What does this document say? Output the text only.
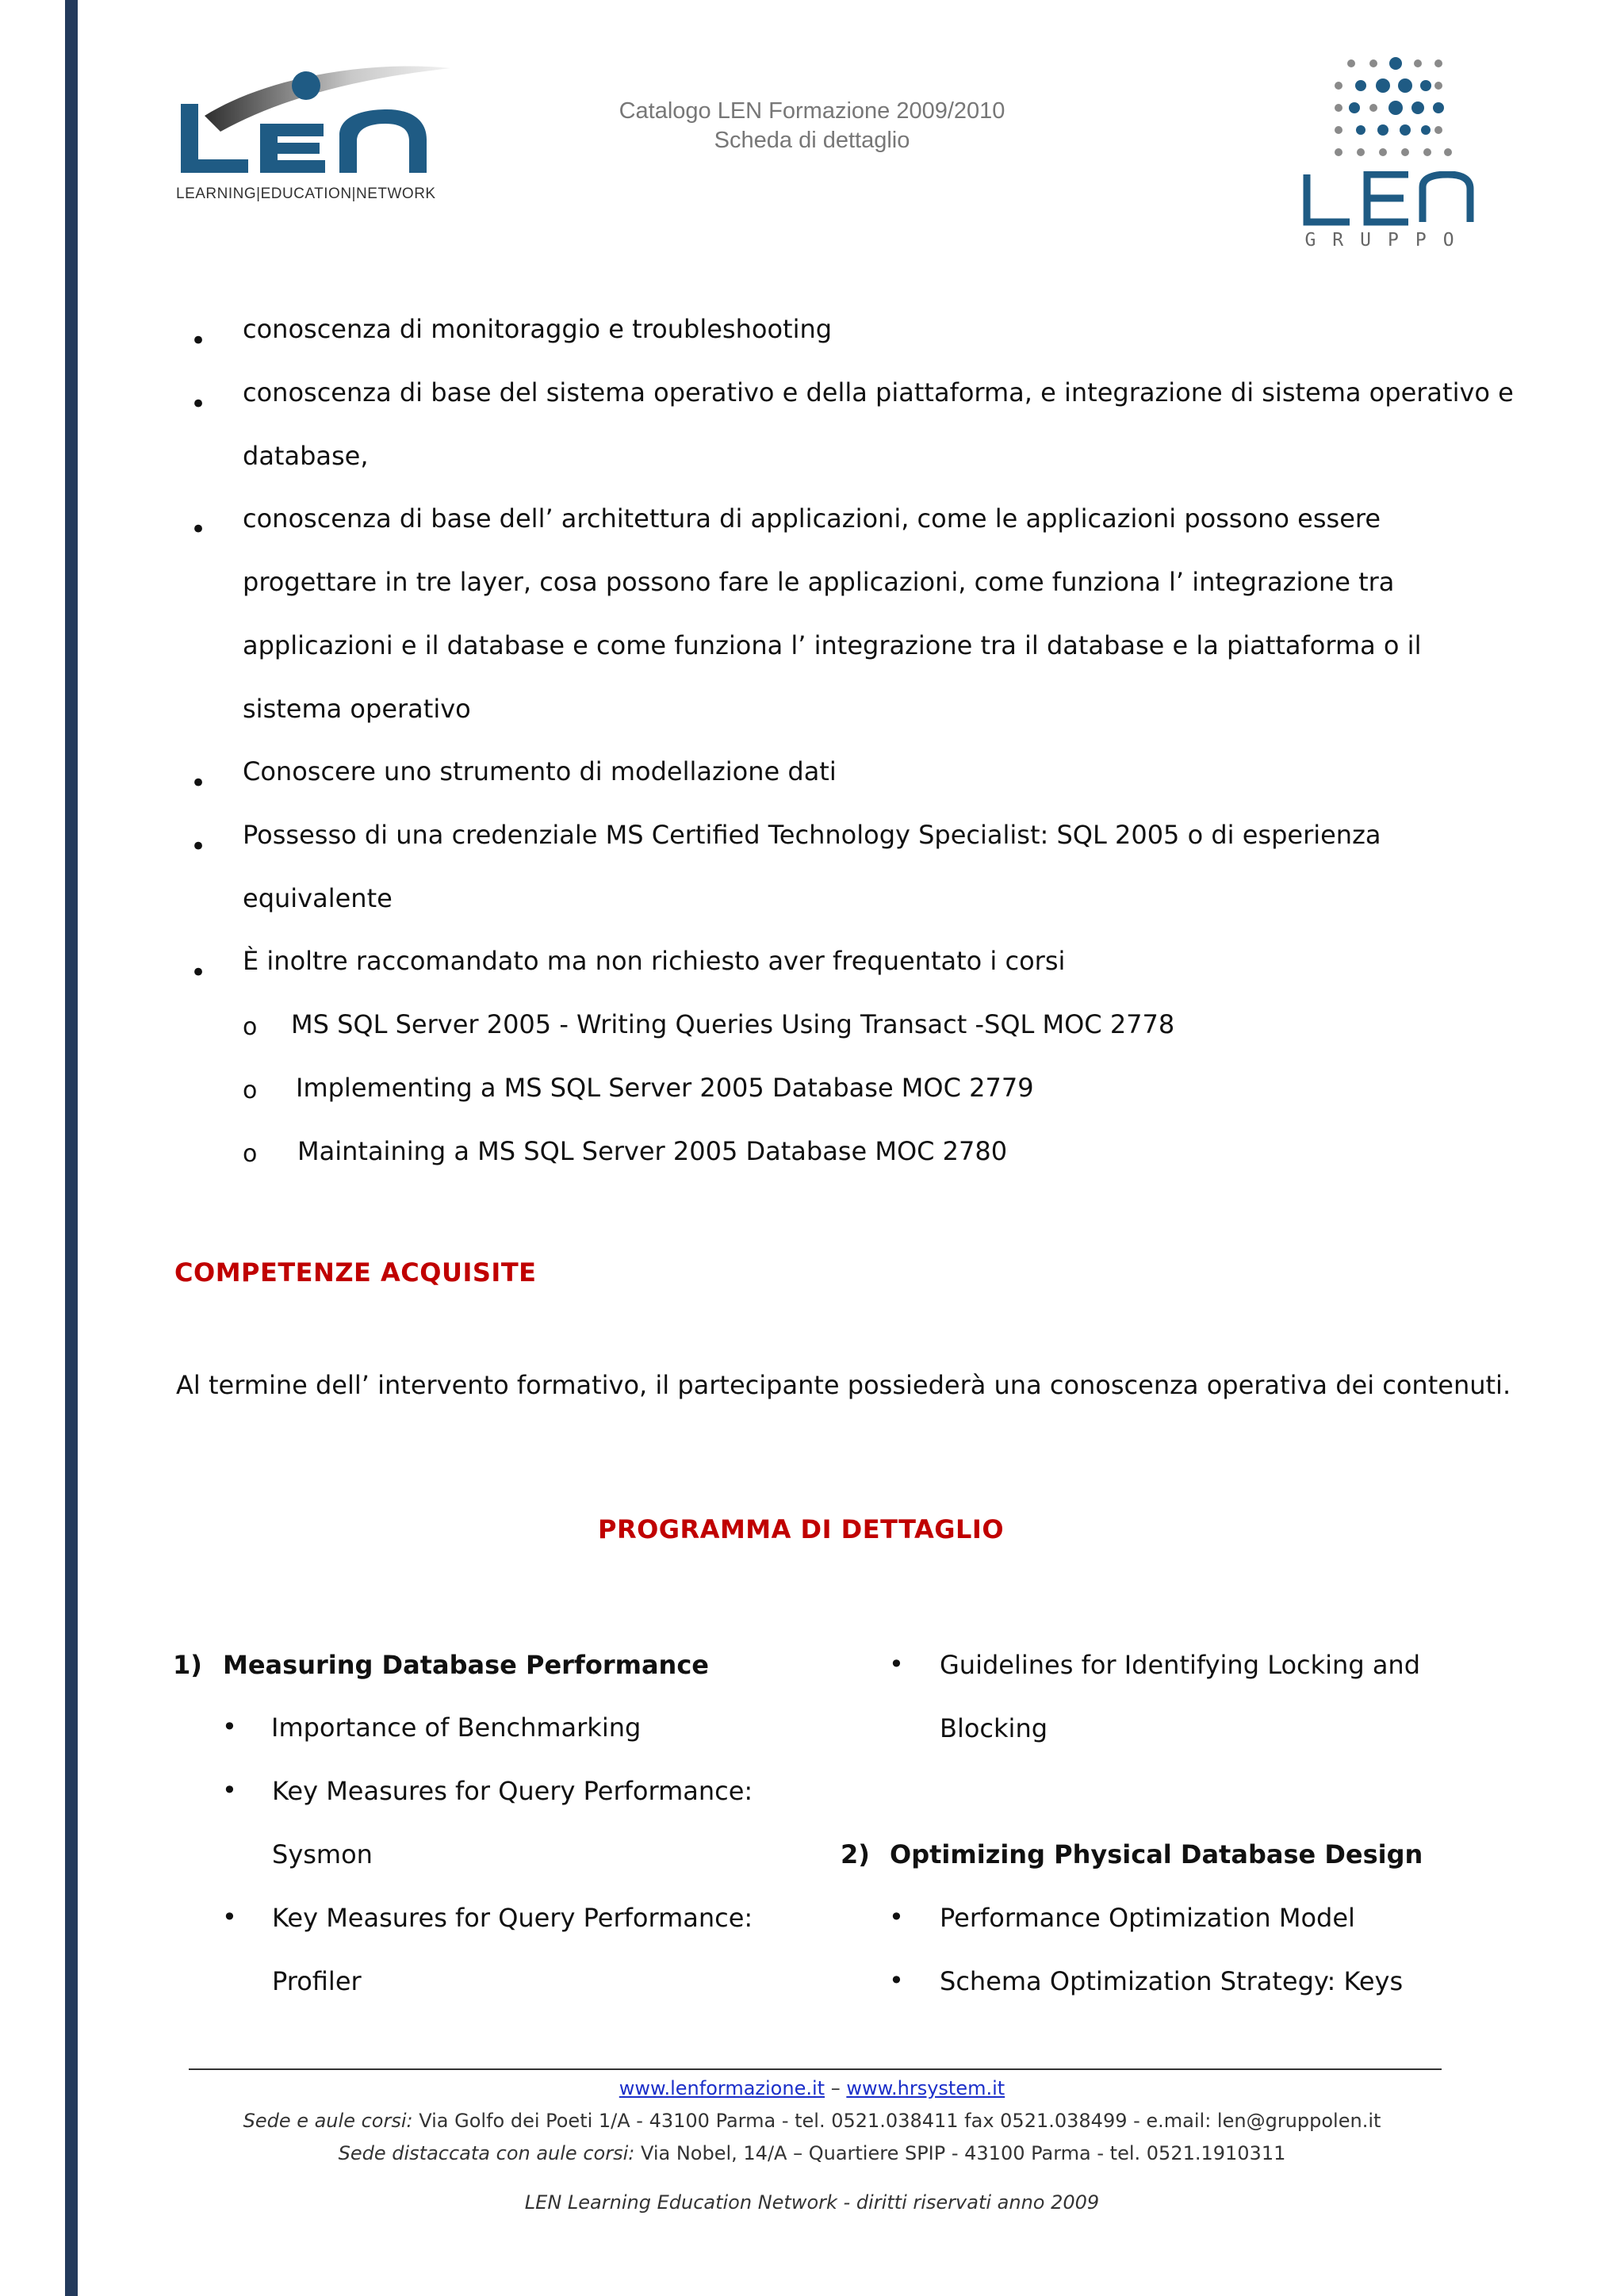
LEARNING|EDUCATION|NETWORK
Catalogo LEN Formazione 2009/2010
Scheda di dettaglio
GRUPPO
• conoscenza di monitoraggio e troubleshooting
• conoscenza di base del sistema operativo e della piattaforma, e integrazione di sistema operativo e
database,
• conoscenza di base dell’ architettura di applicazioni, come le applicazioni possono essere
progettare in tre layer, cosa possono fare le applicazioni, come funziona l’ integrazione tra
applicazioni e il database e come funziona l’ integrazione tra il database e la piattaforma o il
sistema operativo
• Conoscere uno strumento di modellazione dati
• Possesso di una credenziale MS Certified Technology Specialist: SQL 2005 o di esperienza
equivalente
• È inoltre raccomandato ma non richiesto aver frequentato i corsi
o MS SQL Server 2005 - Writing Queries Using Transact -SQL MOC 2778
o Implementing a MS SQL Server 2005 Database MOC 2779
o Maintaining a MS SQL Server 2005 Database MOC 2780
COMPETENZE ACQUISITE
Al termine dell’ intervento formativo, il partecipante possiederà una conoscenza operativa dei contenuti.
PROGRAMMA DI DETTAGLIO
1) Measuring Database Performance
• Importance of Benchmarking
• Key Measures for Query Performance:
Sysmon
• Key Measures for Query Performance:
Profiler
• Guidelines for Identifying Locking and
Blocking
2) Optimizing Physical Database Design
• Performance Optimization Model
• Schema Optimization Strategy: Keys
www.lenformazione.it – www.hrsystem.it
Sede e aule corsi: Via Golfo dei Poeti 1/A - 43100 Parma - tel. 0521.038411 fax 0521.038499 - e.mail: len@gruppolen.it
Sede distaccata con aule corsi: Via Nobel, 14/A – Quartiere SPIP - 43100 Parma - tel. 0521.1910311
LEN Learning Education Network - diritti riservati anno 2009
